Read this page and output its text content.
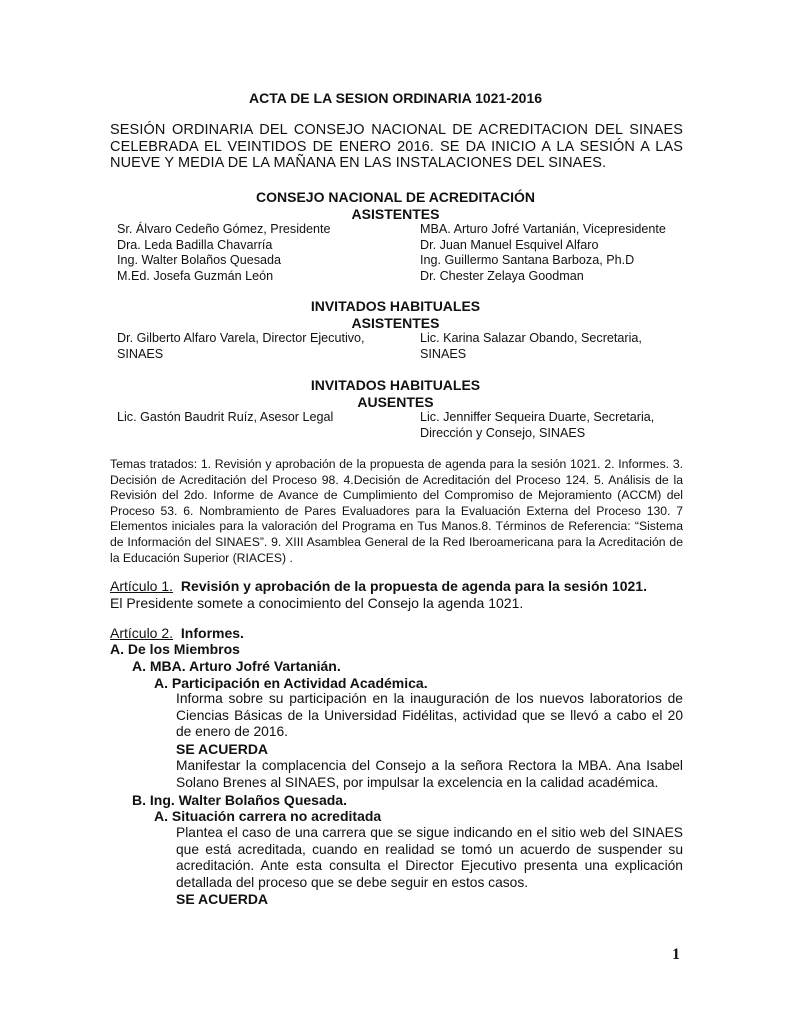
ACTA DE LA SESION ORDINARIA 1021-2016
SESIÓN ORDINARIA DEL CONSEJO NACIONAL DE ACREDITACION DEL SINAES CELEBRADA EL VEINTIDOS DE ENERO 2016. SE DA INICIO A LA SESIÓN A LAS NUEVE Y MEDIA DE LA MAÑANA EN LAS INSTALACIONES DEL SINAES.
CONSEJO NACIONAL DE ACREDITACIÓN
ASISTENTES
Sr. Álvaro Cedeño Gómez, Presidente
Dra. Leda Badilla Chavarría
Ing. Walter Bolaños Quesada
M.Ed. Josefa Guzmán León
MBA. Arturo Jofré Vartanián, Vicepresidente
Dr. Juan Manuel Esquivel Alfaro
Ing. Guillermo Santana Barboza, Ph.D
Dr. Chester Zelaya Goodman
INVITADOS HABITUALES
ASISTENTES
Dr. Gilberto Alfaro Varela, Director Ejecutivo,
SINAES
Lic. Karina Salazar Obando, Secretaria,
SINAES
INVITADOS HABITUALES
AUSENTES
Lic. Gastón Baudrit Ruíz, Asesor Legal	Lic. Jenniffer Sequeira Duarte, Secretaria,
Dirección y Consejo, SINAES
Temas tratados: 1. Revisión y aprobación de la propuesta de agenda para la sesión 1021. 2. Informes. 3. Decisión de Acreditación del Proceso 98. 4.Decisión de Acreditación del Proceso 124. 5. Análisis de la Revisión del 2do. Informe de Avance de Cumplimiento del Compromiso de Mejoramiento (ACCM) del Proceso 53. 6. Nombramiento de Pares Evaluadores para la Evaluación Externa del Proceso 130. 7 Elementos iniciales para la valoración del Programa en Tus Manos.8. Términos de Referencia: “Sistema de Información del SINAES”. 9. XIII Asamblea General de la Red Iberoamericana para la Acreditación de la Educación Superior (RIACES) .
Artículo 1. Revisión y aprobación de la propuesta de agenda para la sesión 1021.
El Presidente somete a conocimiento del Consejo la agenda 1021.
Artículo 2. Informes.
A. De los Miembros
A. MBA. Arturo Jofré Vartanián.
A. Participación en Actividad Académica.
Informa sobre su participación en la inauguración de los nuevos laboratorios de Ciencias Básicas de la Universidad Fidélitas, actividad que se llevó a cabo el 20 de enero de 2016.
SE ACUERDA
Manifestar la complacencia del Consejo a la señora Rectora la MBA. Ana Isabel Solano Brenes al SINAES, por impulsar la excelencia en la calidad académica.
B. Ing. Walter Bolaños Quesada.
A. Situación carrera no acreditada
Plantea el caso de una carrera que se sigue indicando en el sitio web del SINAES que está acreditada, cuando en realidad se tomó un acuerdo de suspender su acreditación. Ante esta consulta el Director Ejecutivo presenta una explicación detallada del proceso que se debe seguir en estos casos.
SE ACUERDA
1
